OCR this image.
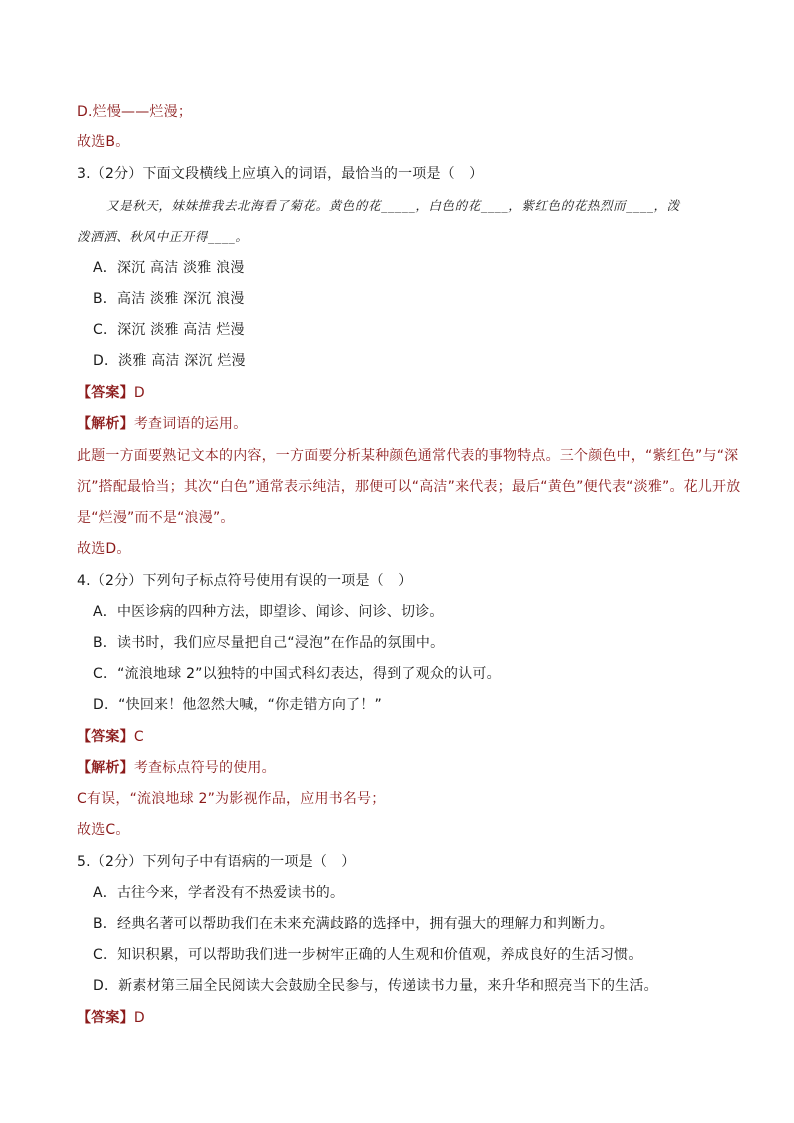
D.烂慢——烂漫；
故选B。
3.（2分）下面文段横线上应填入的词语，最恰当的一项是（　）
又是秋天，妹妹推我去北海看了菊花。黄色的花_____，白色的花____，紫红色的花热烈而____，泼
泼洒洒、秋风中正开得____。
A．深沉 高洁 淡雅 浪漫
B．高洁 淡雅 深沉 浪漫
C．深沉 淡雅 高洁 烂漫
D．淡雅 高洁 深沉 烂漫
【答案】D
【解析】考查词语的运用。
此题一方面要熟记文本的内容，一方面要分析某种颜色通常代表的事物特点。三个颜色中，“紫红色”与“深
沉”搭配最恰当；其次“白色”通常表示纯洁，那便可以“高洁”来代表；最后“黄色”便代表“淡雅”。花儿开放
是“烂漫”而不是“浪漫”。
故选D。
4.（2分）下列句子标点符号使用有误的一项是（　）
A．中医诊病的四种方法，即望诊、闻诊、问诊、切诊。
B．读书时，我们应尽量把自己“浸泡”在作品的氛围中。
C．“流浪地球 2”以独特的中国式科幻表达，得到了观众的认可。
D．“快回来！他忽然大喊，“你走错方向了！”
【答案】C
【解析】考查标点符号的使用。
C有误，“流浪地球 2”为影视作品，应用书名号；
故选C。
5.（2分）下列句子中有语病的一项是（　）
A．古往今来，学者没有不热爱读书的。
B．经典名著可以帮助我们在未来充满歧路的选择中，拥有强大的理解力和判断力。
C．知识积累，可以帮助我们进一步树牢正确的人生观和价值观，养成良好的生活习惯。
D．新素材第三届全民阅读大会鼓励全民参与，传递读书力量，来升华和照亮当下的生活。
【答案】D
